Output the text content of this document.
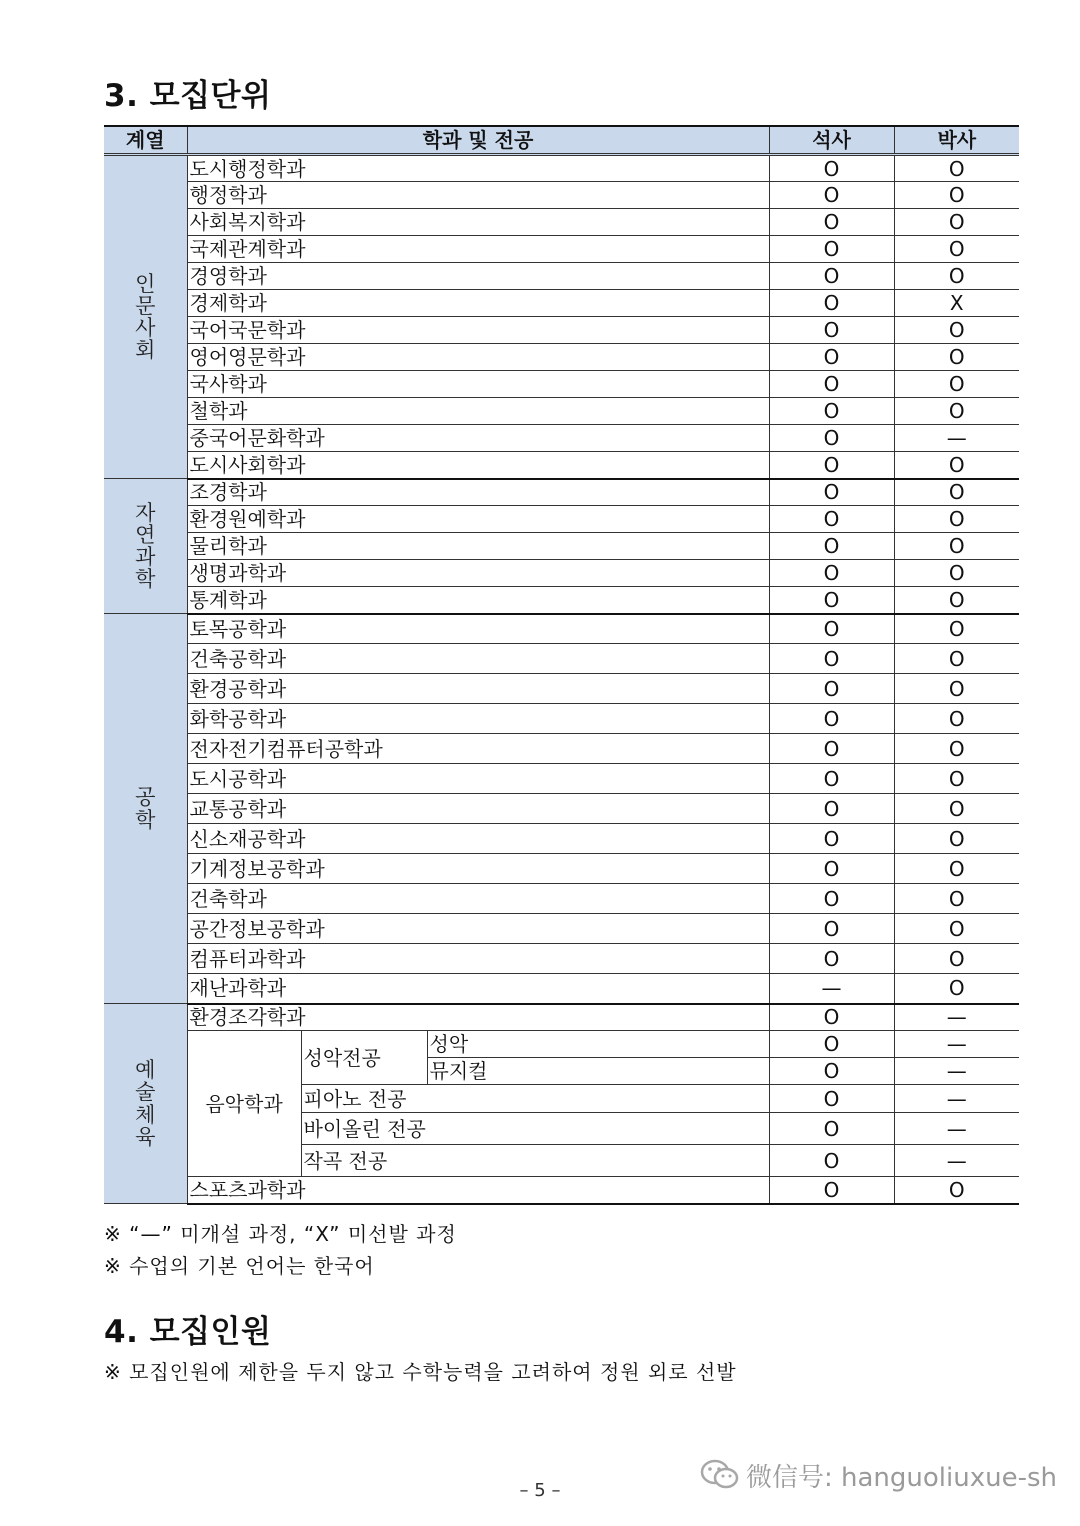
3. 모집단위
계열	학과 및 전공			석사	박사

인
문
사
회	도시행정학과			O	O
	행정학과			O	O
	사회복지학과			O	O
	국제관계학과			O	O
	경영학과			O	O
	경제학과			O	X
	국어국문학과			O	O
	영어영문학과			O	O
	국사학과			O	O
	철학과			O	O
	중국어문화학과			O	—
	도시사회학과			O	O

자
연
과
학	조경학과			O	O
	환경원예학과			O	O
	물리학과			O	O
	생명과학과			O	O
	통계학과			O	O

공
학	토목공학과			O	O
	건축공학과			O	O
	환경공학과			O	O
	화학공학과			O	O
	전자전기컴퓨터공학과			O	O
	도시공학과			O	O
	교통공학과			O	O
	신소재공학과			O	O
	기계정보공학과			O	O
	건축학과			O	O
	공간정보공학과			O	O
	컴퓨터과학과			O	O
	재난과학과			—	O

예
술
체
육	환경조각학과			O	—
	음악학과	성악전공	성악	O	—
			뮤지컬	O	—
		피아노 전공		O	—
		바이올린 전공		O	—
		작곡 전공		O	—
	스포츠과학과			O	O

※ “—” 미개설 과정, “X” 미선발 과정

※ 수업의 기본 언어는 한국어

4. 모집인원

※ 모집인원에 제한을 두지 않고 수학능력을 고려하여 정원 외로 선발

– 5 –	微信号: hanguoliuxue-sh
